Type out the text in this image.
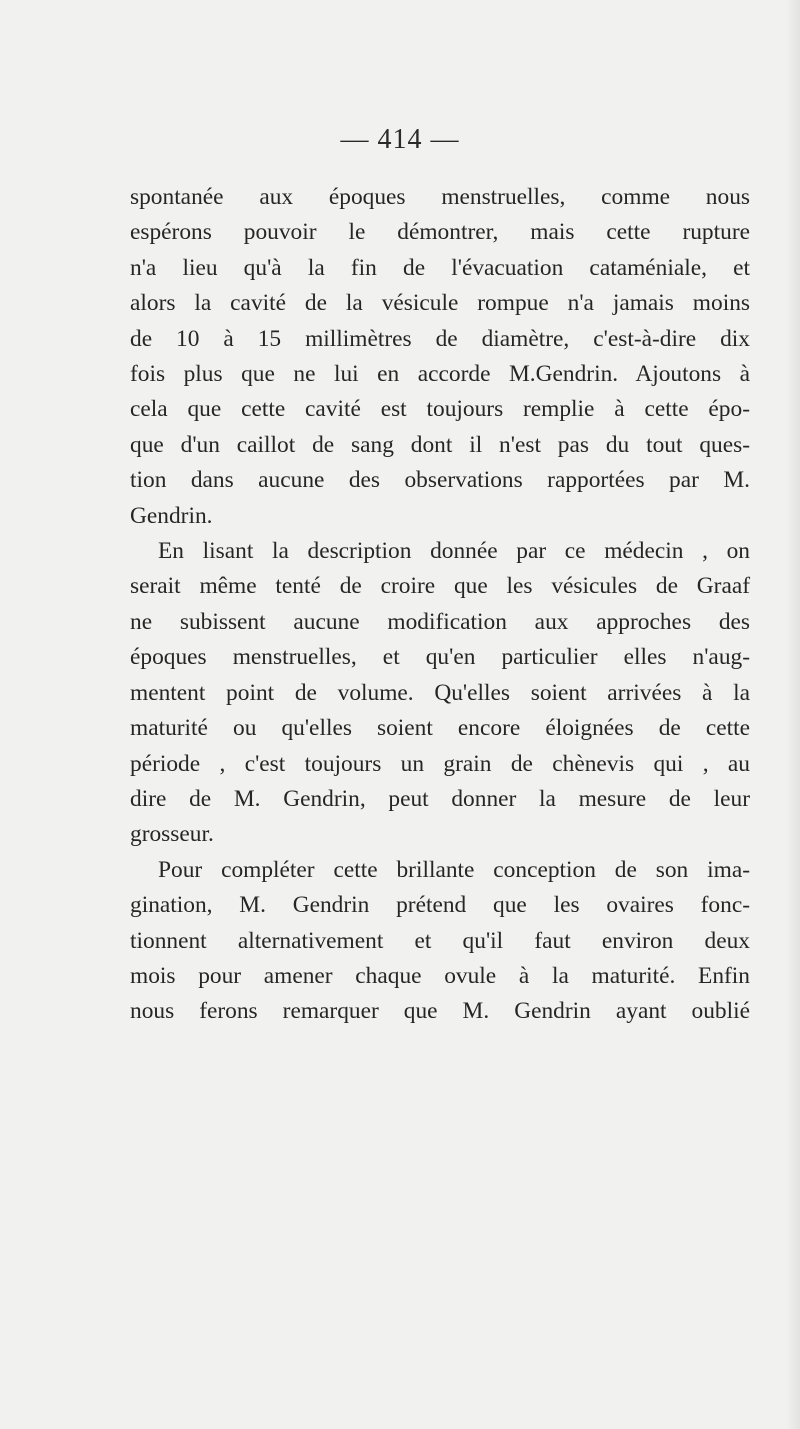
— 414 —
spontanée aux époques menstruelles, comme nous
espérons pouvoir le démontrer, mais cette rupture
n'a lieu qu'à la fin de l'évacuation cataméniale, et
alors la cavité de la vésicule rompue n'a jamais moins
de 10 à 15 millimètres de diamètre, c'est-à-dire dix
fois plus que ne lui en accorde M.Gendrin. Ajoutons à
cela que cette cavité est toujours remplie à cette épo-
que d'un caillot de sang dont il n'est pas du tout ques-
tion dans aucune des observations rapportées par M.
Gendrin.
En lisant la description donnée par ce médecin , on
serait même tenté de croire que les vésicules de Graaf
ne subissent aucune modification aux approches des
époques menstruelles, et qu'en particulier elles n'aug-
mentent point de volume. Qu'elles soient arrivées à la
maturité ou qu'elles soient encore éloignées de cette
période , c'est toujours un grain de chènevis qui , au
dire de M. Gendrin, peut donner la mesure de leur
grosseur.
Pour compléter cette brillante conception de son ima-
gination, M. Gendrin prétend que les ovaires fonc-
tionnent alternativement et qu'il faut environ deux
mois pour amener chaque ovule à la maturité. Enfin
nous ferons remarquer que M. Gendrin ayant oublié
